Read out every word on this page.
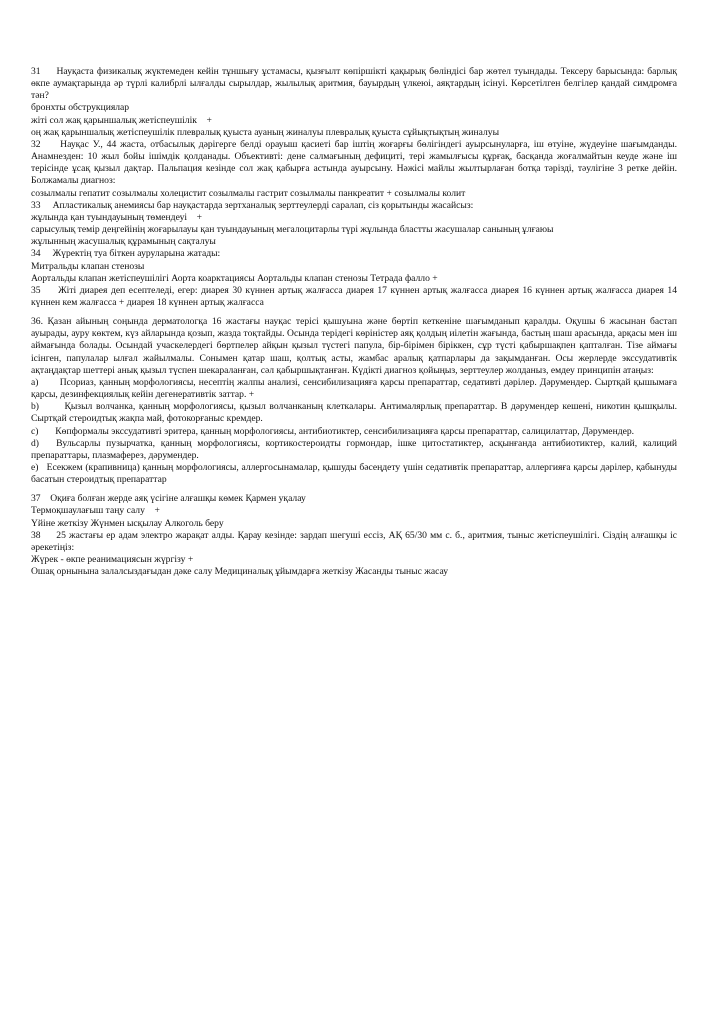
31     Науқаста физикалық жүктемеден кейін тұншығу ұстамасы, қызғылт көпіршікті қақырық бөліндісі бар жөтел туындады. Тексеру барысында: барлық өкпе аумақтарында әр түрлі калибрлі ылғалды сырылдар, жылылық аритмия, бауырдың үлкеюі, аяқтардың ісінуі. Көрсетілген белгілер қандай симдромға тән?

бронхты обструкциялар
жіті сол жақ қарыншалық жетіспеушілік    +
оң жақ қарыншалық жетіспеушілік плевралық қуыста ауаның жиналуы плевралық қуыста сұйықтықтың жиналуы

32     Науқас У., 44 жаста, отбасылық дәрігерге белді орауыш қасиеті бар іштің жоғарғы бөлігіндегі ауырсынуларға, іш өтуіне, жүдеуіне шағымданды. Анамнезден: 10 жыл бойы ішімдік қолданады. Объективті: дене салмағының дефициті, тері жамылғысы құрғақ, басқанда жоғалмайтын кеуде және іш терісінде ұсақ қызыл дақтар. Пальпация кезінде сол жақ қабырға астында ауырсыну. Нәжісі майлы жылтырлаған ботқа тәрізді, тәулігіне 3 ретке дейін. Болжамалы диагноз:

созылмалы гепатит созылмалы холецистит созылмалы гастрит созылмалы панкреатит + созылмалы колит

33     Апластикалық анемиясы бар науқастарда зертханалық зерттеулерді саралап, сіз қорытынды жасайсыз:

жұлында қан туындауының төмендеуі    +

сарысулық темір деңгейінің жоғарылауы қан туындауының мегалоцитарлы түрі жұлында бластты жасушалар санының ұлғаюы

жұлынның жасушалық құрамының сақталуы

34     Жүректің туа біткен ауруларына жатады:

Митральды клапан стенозы
Аортальды клапан жетіспеушілігі Аорта коарктациясы Аортальды клапан стенозы Тетрада фалло +

35     Жіті диарея деп есептеледі, егер: диарея 30 күннен артық жалғасса диарея 17 күннен артық жалғасса диарея 16 күннен артық жалғасса диарея 14 күннен кем жалғасса + диарея 18 күннен артық жалғасса

36. Қазан айының соңында дерматологқа 16 жастағы науқас терісі қышуына және бөртіп кеткеніне шағымданып қаралды. Оқушы 6 жасынан бастап ауырады, ауру көктем, күз айларында қозып, жазда тоқтайды. Осында терідегі көріністер аяқ қолдың иілетін жағында, бастың шаш арасында, арқасы мен іш аймағында болады. Осындай учаскелердегі бөртпелер айқын қызыл түстегі папула, бір-бірімен біріккен, сұр түсті қабыршақпен қапталған. Тізе аймағы ісінген, папулалар ылғал жайылмалы. Сонымен қатар шаш, қолтық асты, жамбас аралық қатпарлары да зақымданған. Осы жерлерде экссудативтік ақтаңдақтар шеттері анық қызыл түспен шекараланған, сәл қабыршықтанған. Күдікті диагноз қойыңыз, зерттеулер жолданыз, емдеу принципін атаңыз:

a) Псориаз, қанның морфологиясы, несептің жалпы анализі, сенсибилизацияға қарсы препараттар, седативті дәрілер. Дәрумендер. Сыртқай қышымаға қарсы, дезинфекциялық кейін дегенеративтік заттар. +

b)	Қызыл волчанка, қанның морфологиясы, қызыл волчанканың клеткалары. Антималярлық препараттар. В дәрумендер кешені, никотин қышқылы. Сыртқай стероидтық жақпа май, фотокорғаныс кремдер.

c) Көпформалы экссудативті эритера, қанның морфологиясы, антибиотиктер, сенсибилизацияға қарсы препараттар, салицилаттар, Дәрумендер.

d) Вульсарлы пузырчатка, қанның морфологиясы, кортикостероидты гормондар, ішке цитостатиктер, асқынғанда антибиотиктер, калий, калиций препараттары, плазмаферез, дәрумендер.

e) Есекжем (крапивница) қанның морфологиясы, аллергосынамалар, қышуды бәсеңдету үшін седативтік препараттар, аллергияға қарсы дәрілер, қабынуды басатын стероидтық препараттар

37    Оқиға болған жерде аяқ үсігіне алғашқы көмек Қармен уқалау
Термоқшаулағыш таңу салу    +
Үйіне жеткізу Жүнмен ысқылау Алкоголь беру

38     25 жастағы ер адам электро жарақат алды. Қарау кезінде: зардап шегуші ессіз, АҚ 65/30 мм с. б., аритмия, тыныс жетіспеушілігі. Сіздің алғашқы іс әрекетіңіз:

Жүрек - өкпе реанимациясын жүргізу +
Ошақ орнынына залалсыздағыдан дәке салу Медициналық ұйымдарға жеткізу Жасанды тыныс жасау
